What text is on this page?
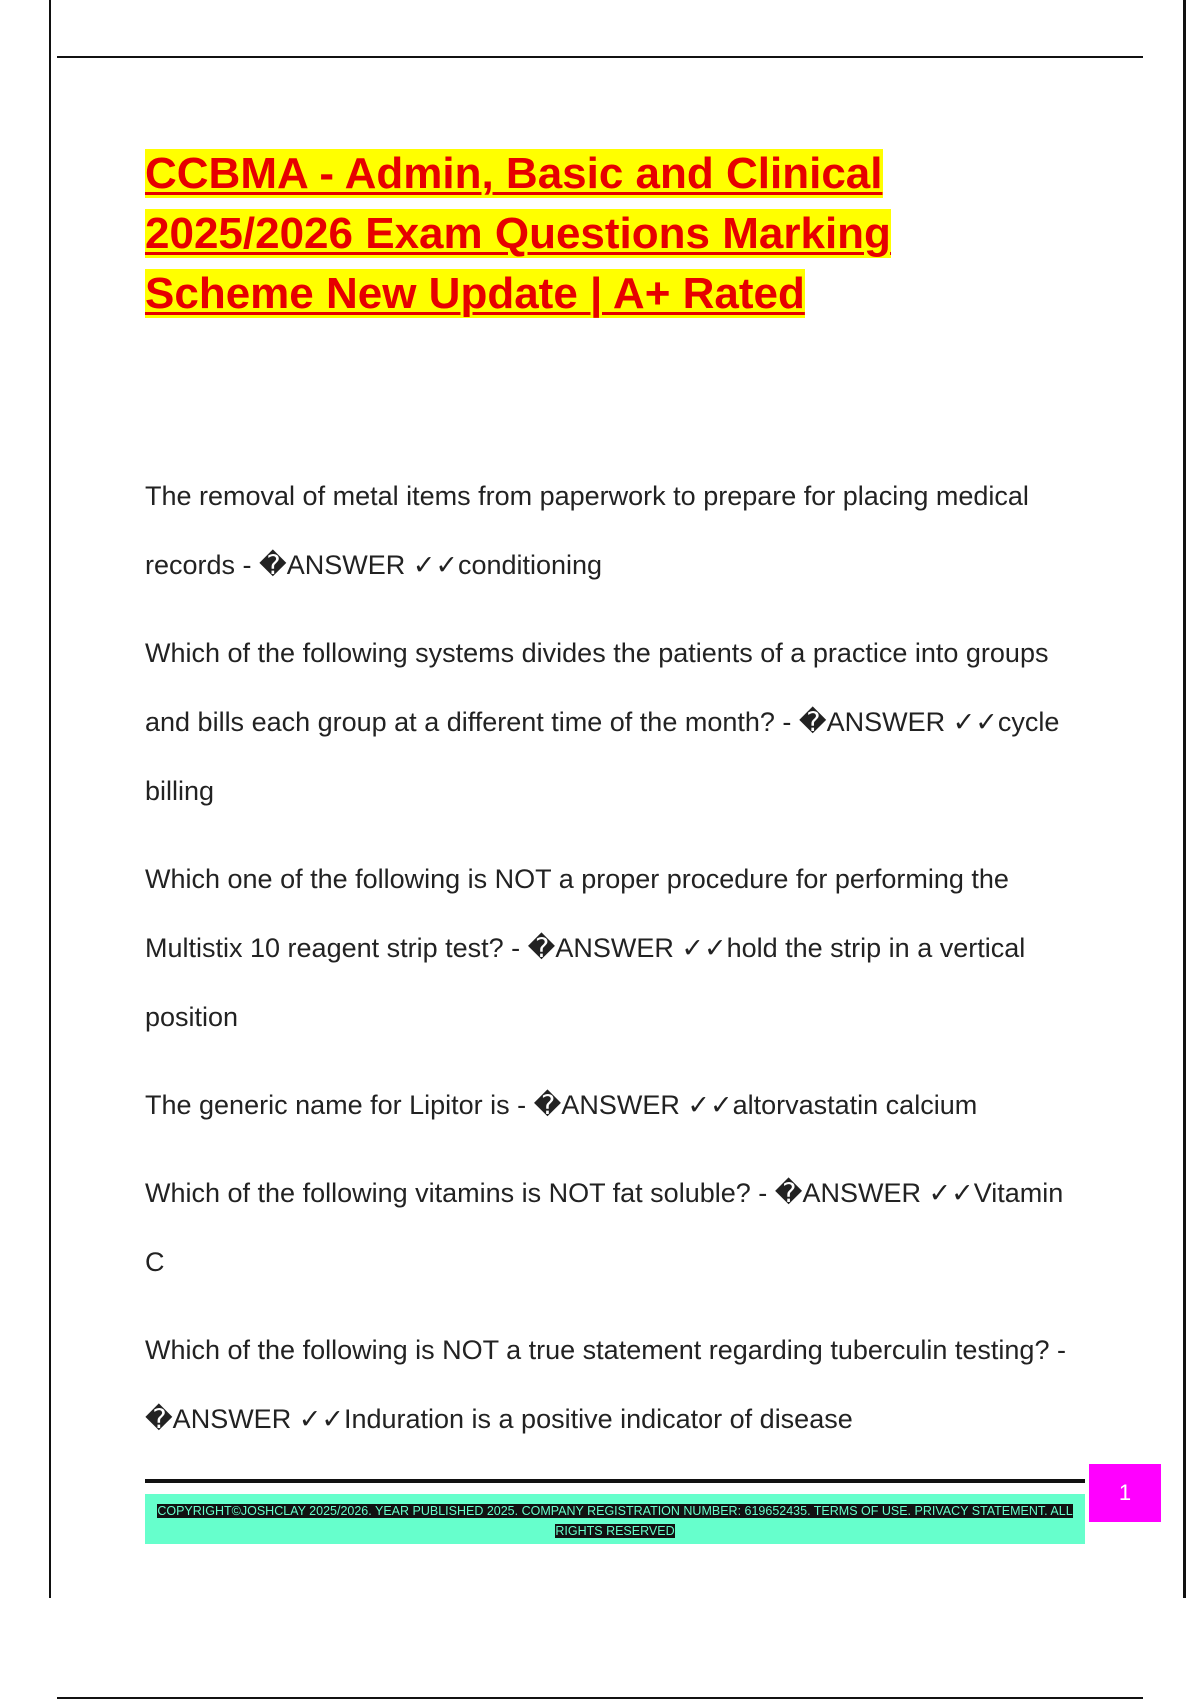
CCBMA - Admin, Basic and Clinical 2025/2026 Exam Questions Marking Scheme New Update | A+ Rated

The removal of metal items from paperwork to prepare for placing medical records - �ANSWER ✓✓conditioning

Which of the following systems divides the patients of a practice into groups and bills each group at a different time of the month? - �ANSWER ✓✓cycle billing

Which one of the following is NOT a proper procedure for performing the Multistix 10 reagent strip test? - �ANSWER ✓✓hold the strip in a vertical position

The generic name for Lipitor is - �ANSWER ✓✓altorvastatin calcium

Which of the following vitamins is NOT fat soluble? - �ANSWER ✓✓Vitamin C

Which of the following is NOT a true statement regarding tuberculin testing? - �ANSWER ✓✓Induration is a positive indicator of disease

COPYRIGHT©JOSHCLAY 2025/2026. YEAR PUBLISHED 2025. COMPANY REGISTRATION NUMBER: 619652435. TERMS OF USE. PRIVACY STATEMENT. ALL RIGHTS RESERVED
1
